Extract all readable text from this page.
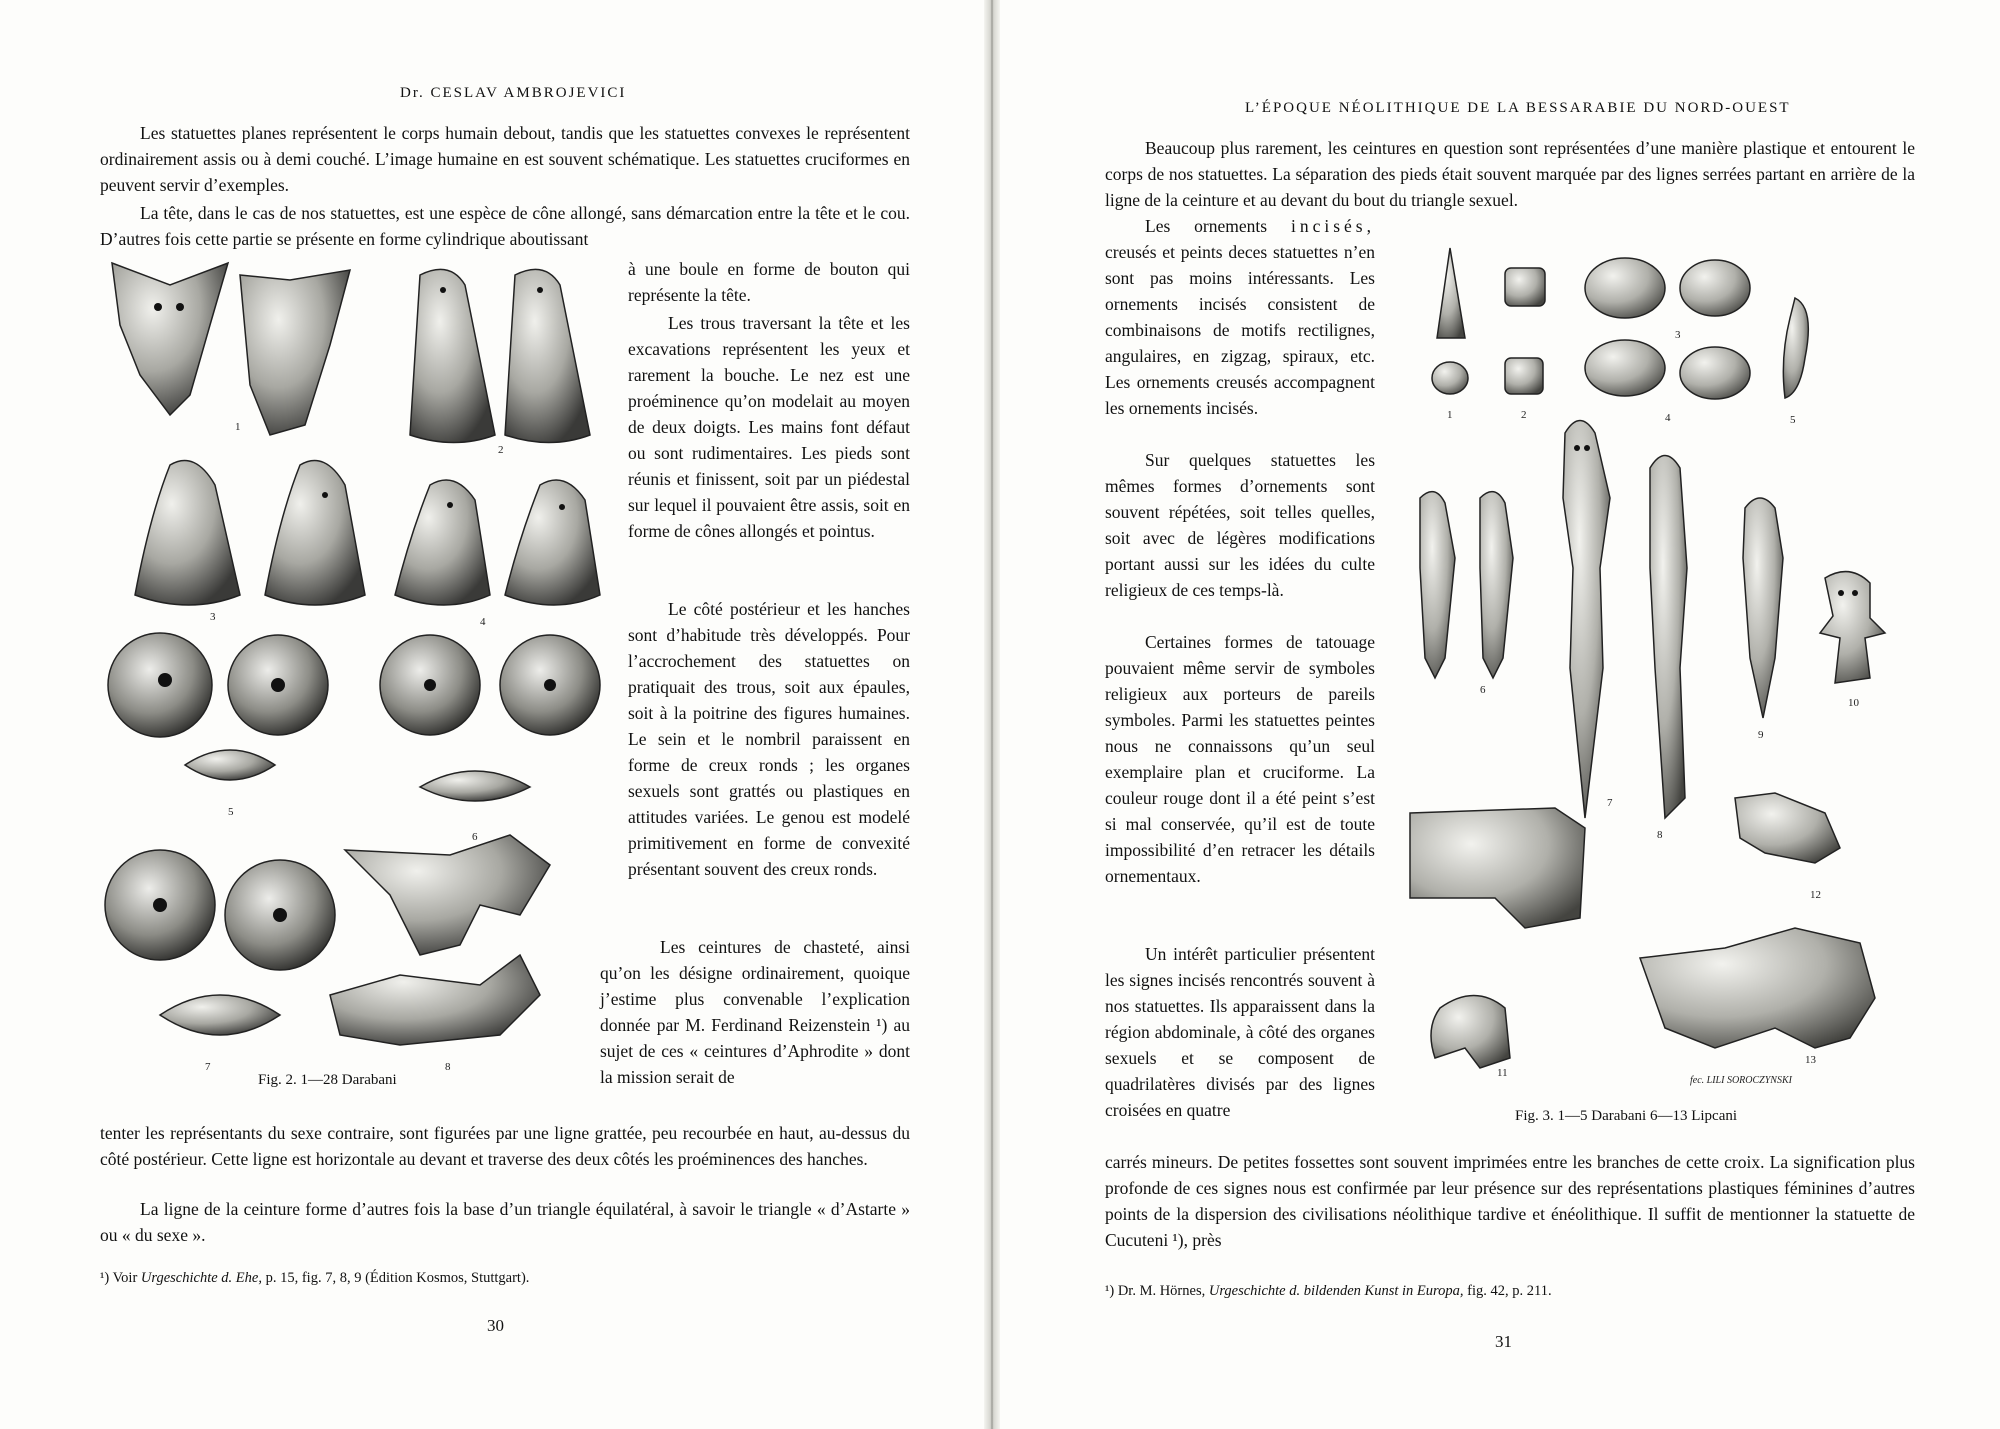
Dr. CESLAV AMBROJEVICI

Les statuettes planes représentent le corps humain debout, tandis que les statuettes convexes le représentent ordinairement assis ou à demi couché. L’image humaine en est souvent schématique. Les statuettes cruciformes en peuvent servir d’exemples.

La tête, dans le cas de nos statuettes, est une espèce de cône allongé, sans démarcation entre la tête et le cou. D’autres fois cette partie se présente en forme cylindrique aboutissant

à une boule en forme de bouton qui représente la tête.

Les trous traversant la tête et les excavations représentent les yeux et rarement la bouche. Le nez est une proéminence qu’on modelait au moyen de deux doigts. Les mains font défaut ou sont rudimentaires. Les pieds sont réunis et finissent, soit par un piédestal sur lequel il pouvaient être assis, soit en forme de cônes allongés et pointus.

Le côté postérieur et les hanches sont d’habitude très développés. Pour l’accrochement des statuettes on pratiquait des trous, soit aux épaules, soit à la poitrine des figures humaines. Le sein et le nombril paraissent en forme de creux ronds ; les organes sexuels sont grattés ou plastiques en attitudes variées. Le genou est modelé primitivement en forme de convexité présentant souvent des creux ronds.

Les ceintures de chasteté, ainsi qu’on les désigne ordinairement, quoique j’estime plus convenable l’explication donnée par M. Ferdinand Reizenstein ¹) au sujet de ces « ceintures d’Aphrodite » dont la mission serait de

tenter les représentants du sexe contraire, sont figurées par une ligne grattée, peu recourbée en haut, au-dessus du côté postérieur. Cette ligne est horizontale au devant et traverse des deux côtés les proéminences des hanches.

La ligne de la ceinture forme d’autres fois la base d’un triangle équilatéral, à savoir le triangle « d’Astarte » ou « du sexe ».

1
2
3	4
5
6
7	8
Fig. 2. 1—28 Darabani
¹) Voir Urgeschichte d. Ehe, p. 15, fig. 7, 8, 9 (Édition Kosmos, Stuttgart).
30
L’ÉPOQUE NÉOLITHIQUE DE LA BESSARABIE DU NORD-OUEST

Beaucoup plus rarement, les ceintures en question sont représentées d’une manière plastique et entourent le corps de nos statuettes. La séparation des pieds était souvent marquée par des lignes serrées partant en arrière de la ligne de la ceinture et au devant du bout du triangle sexuel.

Les ornements incisés, creusés et peints deces statuettes n’en sont pas moins intéressants. Les ornements incisés consistent de combinaisons de motifs rectilignes, angulaires, en zigzag, spiraux, etc. Les ornements creusés accompagnent les ornements incisés.

Sur quelques statuettes les mêmes formes d’ornements sont souvent répétées, soit telles quelles, soit avec de légères modifications portant aussi sur les idées du culte religieux de ces temps-là.

Certaines formes de tatouage pouvaient même servir de symboles religieux aux porteurs de pareils symboles. Parmi les statuettes peintes nous ne connaissons qu’un seul exemplaire plan et cruciforme. La couleur rouge dont il a été peint s’est si mal conservée, qu’il est de toute impossibilité d’en retracer les détails ornementaux.

Un intérêt particulier présentent les signes incisés rencontrés souvent à nos statuettes. Ils apparaissent dans la région abdominale, à côté des organes sexuels et se composent de quadrilatères divisés par des lignes croisées en quatre

carrés mineurs. De petites fossettes sont souvent imprimées entre les branches de cette croix. La signification plus profonde de ces signes nous est confirmée par leur présence sur des représentations plastiques féminines d’autres points de la dispersion des civilisations néolithique tardive et énéolithique. Il suffit de mentionner la statuette de Cucuteni ¹), près

1	2
3
4	5
6
7
8
9
10
11
12
13
fec. LILI SOROCZYNSKI
Fig. 3. 1—5 Darabani 6—13 Lipcani
¹) Dr. M. Hörnes, Urgeschichte d. bildenden Kunst in Europa, fig. 42, p. 211.
31
